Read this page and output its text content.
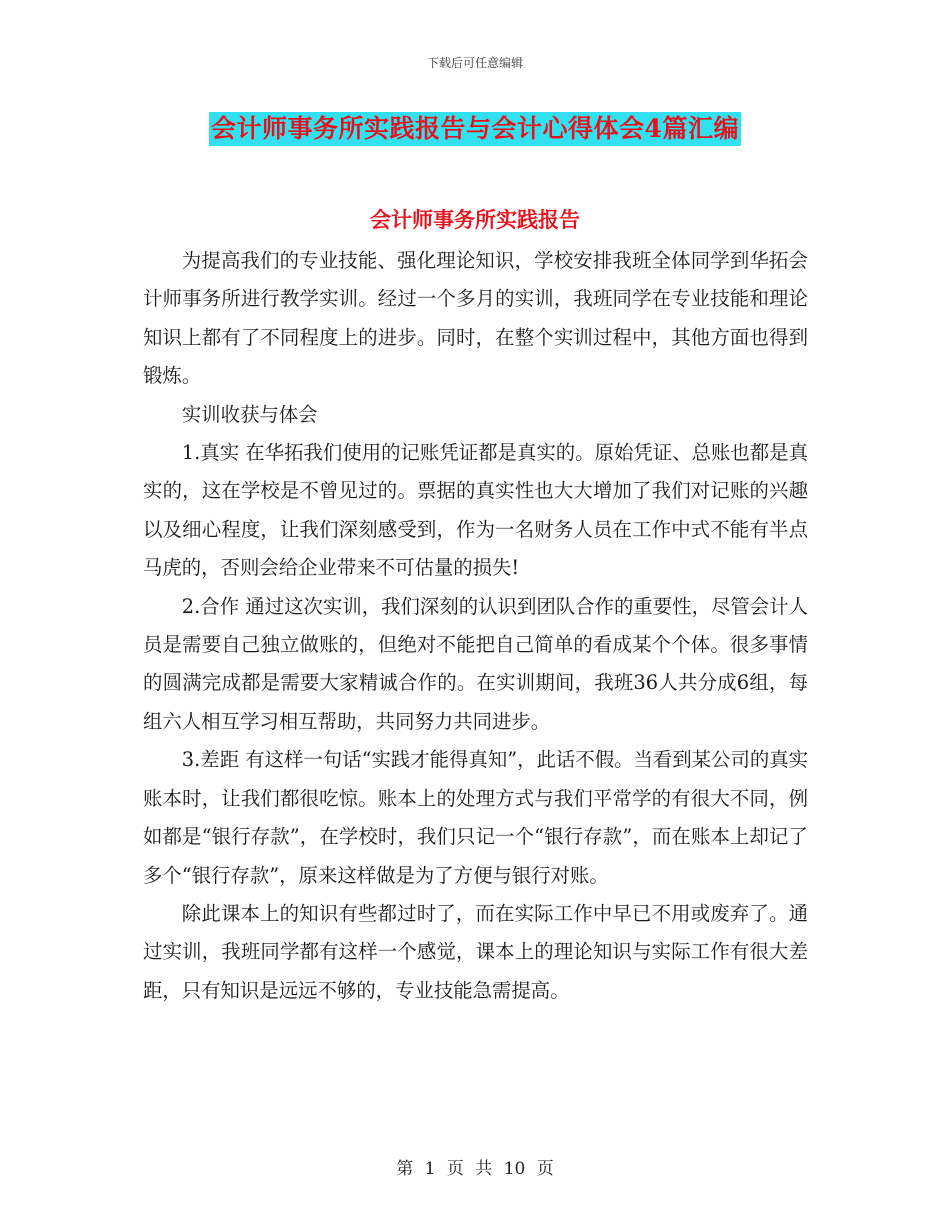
下载后可任意编辑
会计师事务所实践报告与会计心得体会4篇汇编
会计师事务所实践报告

为提高我们的专业技能、强化理论知识，学校安排我班全体同学到华拓会计师事务所进行教学实训。经过一个多月的实训，我班同学在专业技能和理论知识上都有了不同程度上的进步。同时，在整个实训过程中，其他方面也得到锻炼。

实训收获与体会

1.真实 在华拓我们使用的记账凭证都是真实的。原始凭证、总账也都是真实的，这在学校是不曾见过的。票据的真实性也大大增加了我们对记账的兴趣以及细心程度，让我们深刻感受到，作为一名财务人员在工作中式不能有半点马虎的，否则会给企业带来不可估量的损失!

2.合作 通过这次实训，我们深刻的认识到团队合作的重要性，尽管会计人员是需要自己独立做账的，但绝对不能把自己简单的看成某个个体。很多事情的圆满完成都是需要大家精诚合作的。在实训期间，我班36人共分成6组，每组六人相互学习相互帮助，共同努力共同进步。

3.差距 有这样一句话“实践才能得真知”，此话不假。当看到某公司的真实账本时，让我们都很吃惊。账本上的处理方式与我们平常学的有很大不同，例如都是“银行存款”，在学校时，我们只记一个“银行存款”，而在账本上却记了多个“银行存款”，原来这样做是为了方便与银行对账。

除此课本上的知识有些都过时了，而在实际工作中早已不用或废弃了。通过实训，我班同学都有这样一个感觉，课本上的理论知识与实际工作有很大差距，只有知识是远远不够的，专业技能急需提高。

第 1 页 共 10 页
